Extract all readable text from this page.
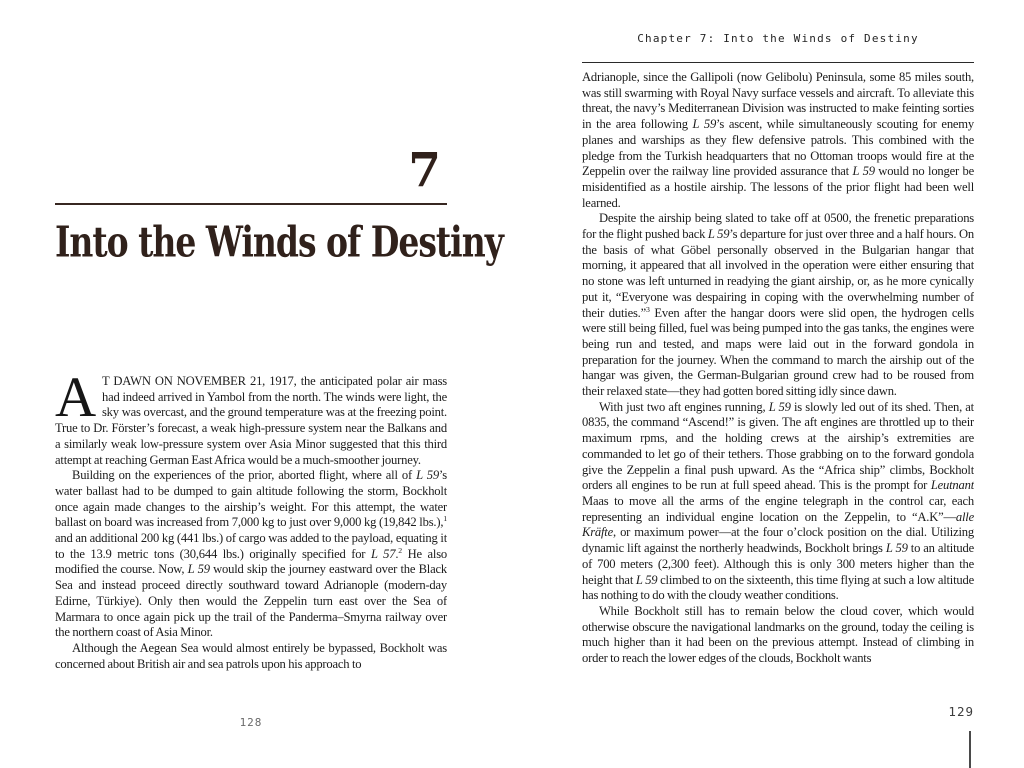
7
Into the Winds of Destiny

A T DAWN ON NOVEMBER 21, 1917, the anticipated polar air mass had indeed arrived in Yambol from the north. The winds were light, the sky was overcast, and the ground temperature was at the freezing point. True to Dr. Förster’s forecast, a weak high-pressure system near the Balkans and a similarly weak low-pressure system over Asia Minor suggested that this third attempt at reaching German East Africa would be a much-smoother journey.

Building on the experiences of the prior, aborted flight, where all of L 59’s water ballast had to be dumped to gain altitude following the storm, Bockholt once again made changes to the airship’s weight. For this attempt, the water ballast on board was increased from 7,000 kg to just over 9,000 kg (19,842 lbs.),$^1$ and an additional 200 kg (441 lbs.) of cargo was added to the payload, equating it to the 13.9 metric tons (30,644 lbs.) originally specified for L 57.$^2$ He also modified the course. Now, L 59 would skip the journey eastward over the Black Sea and instead proceed directly southward toward Adrianople (modern-day Edirne, Türkiye). Only then would the Zeppelin turn east over the Sea of Marmara to once again pick up the trail of the Panderma–Smyrna railway over the northern coast of Asia Minor.

Although the Aegean Sea would almost entirely be bypassed, Bockholt was concerned about British air and sea patrols upon his approach to

128
Chapter 7: Into the Winds of Destiny

Adrianople, since the Gallipoli (now Gelibolu) Peninsula, some 85 miles south, was still swarming with Royal Navy surface vessels and aircraft. To alleviate this threat, the navy’s Mediterranean Division was instructed to make feinting sorties in the area following L 59’s ascent, while simultaneously scouting for enemy planes and warships as they flew defensive patrols. This combined with the pledge from the Turkish headquarters that no Ottoman troops would fire at the Zeppelin over the railway line provided assurance that L 59 would no longer be misidentified as a hostile airship. The lessons of the prior flight had been well learned.

Despite the airship being slated to take off at 0500, the frenetic preparations for the flight pushed back L 59’s departure for just over three and a half hours. On the basis of what Göbel personally observed in the Bulgarian hangar that morning, it appeared that all involved in the operation were either ensuring that no stone was left unturned in readying the giant airship, or, as he more cynically put it, “Everyone was despairing in coping with the overwhelming number of their duties.”$^3$ Even after the hangar doors were slid open, the hydrogen cells were still being filled, fuel was being pumped into the gas tanks, the engines were being run and tested, and maps were laid out in the forward gondola in preparation for the journey. When the command to march the airship out of the hangar was given, the German-Bulgarian ground crew had to be roused from their relaxed state—they had gotten bored sitting idly since dawn.

With just two aft engines running, L 59 is slowly led out of its shed. Then, at 0835, the command “Ascend!” is given. The aft engines are throttled up to their maximum rpms, and the holding crews at the airship’s extremities are commanded to let go of their tethers. Those grabbing on to the forward gondola give the Zeppelin a final push upward. As the “Africa ship” climbs, Bockholt orders all engines to be run at full speed ahead. This is the prompt for Leutnant Maas to move all the arms of the engine telegraph in the control car, each representing an individual engine location on the Zeppelin, to “A.K”—alle Kräfte, or maximum power—at the four o’clock position on the dial. Utilizing dynamic lift against the northerly headwinds, Bockholt brings L 59 to an altitude of 700 meters (2,300 feet). Although this is only 300 meters higher than the height that L 59 climbed to on the sixteenth, this time flying at such a low altitude has nothing to do with the cloudy weather conditions.

While Bockholt still has to remain below the cloud cover, which would otherwise obscure the navigational landmarks on the ground, today the ceiling is much higher than it had been on the previous attempt. Instead of climbing in order to reach the lower edges of the clouds, Bockholt wants

129
